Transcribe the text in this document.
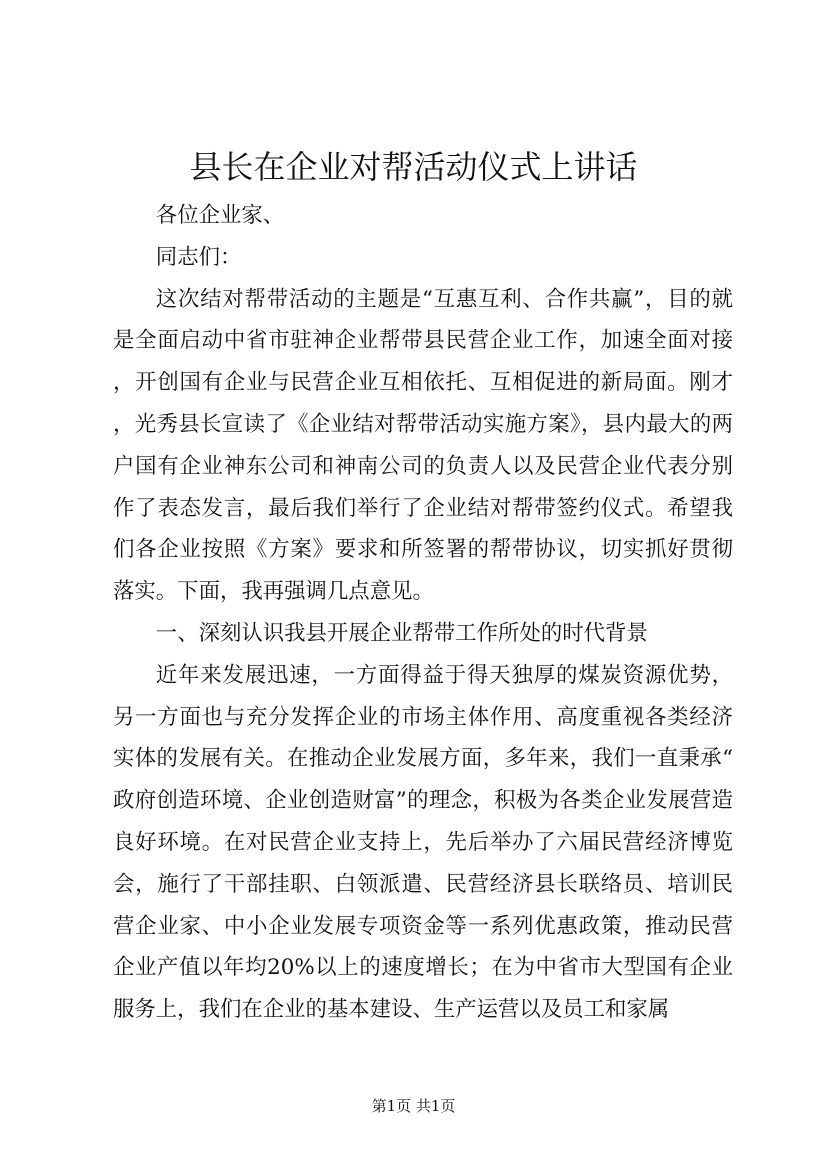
县长在企业对帮活动仪式上讲话

各位企业家、

同志们：

这次结对帮带活动的主题是“互惠互利、合作共赢”，目的就是全面启动中省市驻神企业帮带县民营企业工作，加速全面对接，开创国有企业与民营企业互相依托、互相促进的新局面。刚才，光秀县长宣读了《企业结对帮带活动实施方案》，县内最大的两户国有企业神东公司和神南公司的负责人以及民营企业代表分别作了表态发言，最后我们举行了企业结对帮带签约仪式。希望我们各企业按照《方案》要求和所签署的帮带协议，切实抓好贯彻落实。下面，我再强调几点意见。

一、深刻认识我县开展企业帮带工作所处的时代背景

近年来发展迅速，一方面得益于得天独厚的煤炭资源优势，另一方面也与充分发挥企业的市场主体作用、高度重视各类经济实体的发展有关。在推动企业发展方面，多年来，我们一直秉承“政府创造环境、企业创造财富”的理念，积极为各类企业发展营造良好环境。在对民营企业支持上，先后举办了六届民营经济博览会，施行了干部挂职、白领派遣、民营经济县长联络员、培训民营企业家、中小企业发展专项资金等一系列优惠政策，推动民营企业产值以年均20%以上的速度增长；在为中省市大型国有企业服务上，我们在企业的基本建设、生产运营以及员工和家属

第1页 共1页
